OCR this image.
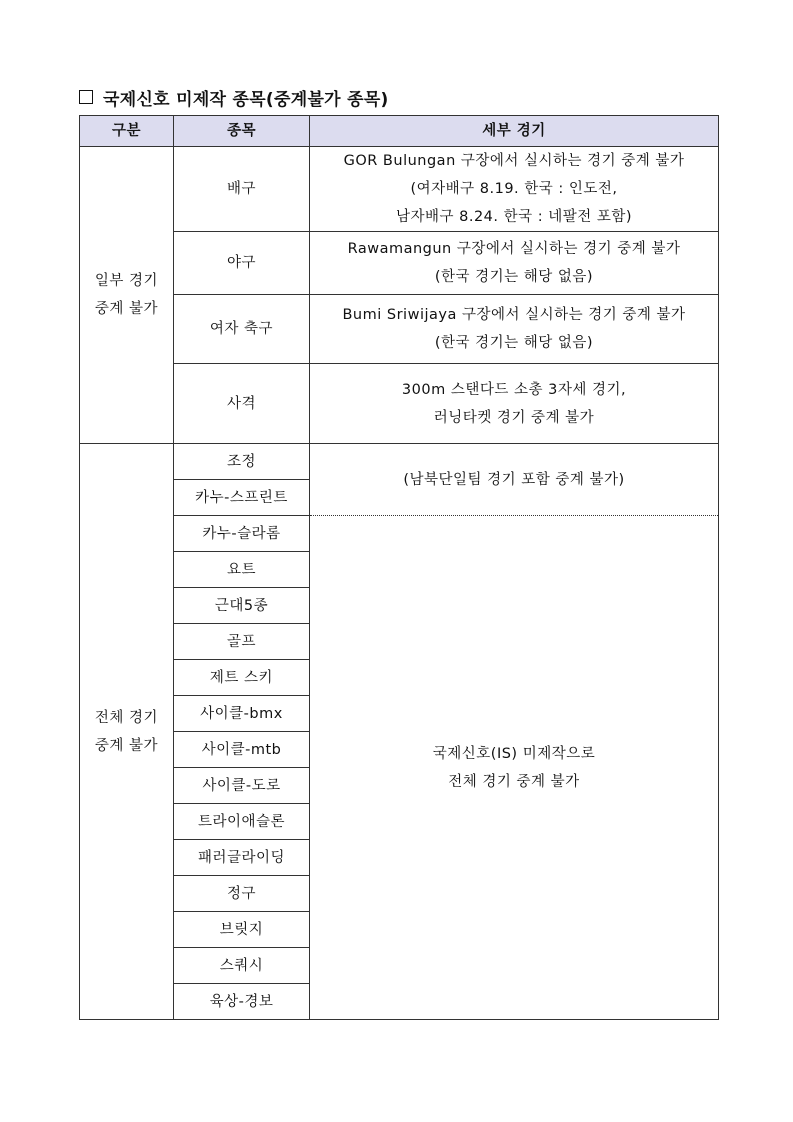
국제신호 미제작 종목(중계불가 종목)
구분	종목	세부 경기

일부 경기
중계 불가	배구	GOR Bulungan 구장에서 실시하는 경기 중계 불가
(여자배구 8.19. 한국 : 인도전,
남자배구 8.24. 한국 : 네팔전 포함)

	야구	Rawamangun 구장에서 실시하는 경기 중계 불가
(한국 경기는 해당 없음)

	여자 축구	Bumi Sriwijaya 구장에서 실시하는 경기 중계 불가
(한국 경기는 해당 없음)

	사격	300m 스탠다드 소총 3자세 경기,
러닝타켓 경기 중계 불가

전체 경기
중계 불가	조정	(남북단일팀 경기 포함 중계 불가)
	카누-스프린트	
	카누-슬라롬	국제신호(IS) 미제작으로
전체 경기 중계 불가

	요트	
	근대5종	
	골프	
	제트 스키	
	사이클-bmx	
	사이클-mtb	
	사이클-도로	
	트라이애슬론	
	패러글라이딩	
	정구	
	브릿지	
	스쿼시	
	육상-경보	
